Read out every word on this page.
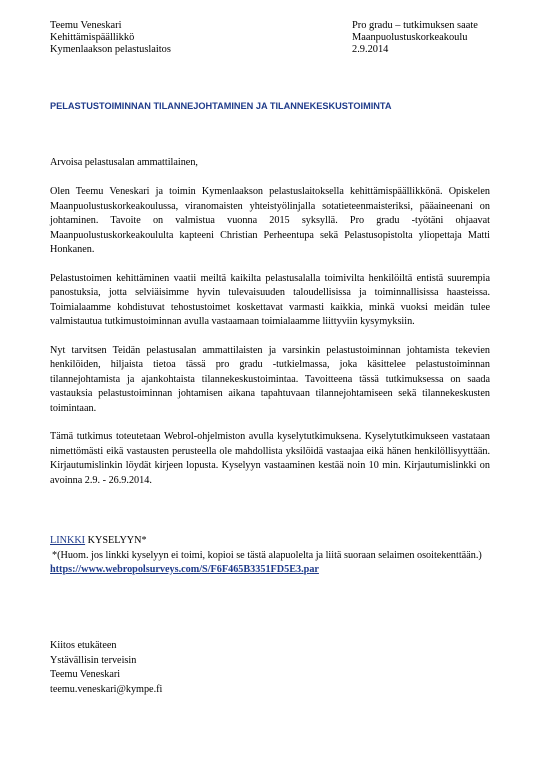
Teemu Veneskari
Kehittämispäällikkö
Kymenlaakson pelastuslaitos
Pro gradu – tutkimuksen saate
Maanpuolustuskorkeakoulu
2.9.2014
PELASTUSTOIMINNAN TILANNEJOHTAMINEN JA TILANNEKESKUSTOIMINTA
Arvoisa pelastusalan ammattilainen,

Olen Teemu Veneskari ja toimin Kymenlaakson pelastuslaitoksella kehittämispäällikkönä. Opiskelen Maanpuolustuskorkeakoulussa, viranomaisten yhteistyölinjalla sotatieteenmaisteriksi, pääaineenani on johtaminen. Tavoite on valmistua vuonna 2015 syksyllä. Pro gradu -työtäni ohjaavat Maanpuolustuskorkeakoululta kapteeni Christian Perheentupa sekä Pelastusopistolta yliopettaja Matti Honkanen.

Pelastustoimen kehittäminen vaatii meiltä kaikilta pelastusalalla toimivilta henkilöiltä entistä suurempia panostuksia, jotta selviäisimme hyvin tulevaisuuden taloudellisissa ja toiminnallisissa haasteissa. Toimialaamme kohdistuvat tehostustoimet koskettavat varmasti kaikkia, minkä vuoksi meidän tulee valmistautua tutkimustoiminnan avulla vastaamaan toimialaamme liittyviin kysymyksiin.

Nyt tarvitsen Teidän pelastusalan ammattilaisten ja varsinkin pelastustoiminnan johtamista tekevien henkilöiden, hiljaista tietoa tässä pro gradu -tutkielmassa, joka käsittelee pelastustoiminnan tilannejohtamista ja ajankohtaista tilannekeskustoimintaa. Tavoitteena tässä tutkimuksessa on saada vastauksia pelastustoiminnan johtamisen aikana tapahtuvaan tilannejohtamiseen sekä tilannekeskusten toimintaan.

Tämä tutkimus toteutetaan Webrol-ohjelmiston avulla kyselytutkimuksena. Kyselytutkimukseen vastataan nimettömästi eikä vastausten perusteella ole mahdollista yksilöidä vastaajaa eikä hänen henkilöllisyyttään. Kirjautumislinkin löydät kirjeen lopusta. Kyselyyn vastaaminen kestää noin 10 min. Kirjautumislinkki on avoinna 2.9. - 26.9.2014.

LINKKI KYSELYYN*
*(Huom. jos linkki kyselyyn ei toimi, kopioi se tästä alapuolelta ja liitä suoraan selaimen osoitekenttään.)
https://www.webropolsurveys.com/S/F6F465B3351FD5E3.par
Kiitos etukäteen
Ystävällisin terveisin
Teemu Veneskari
teemu.veneskari@kympe.fi
